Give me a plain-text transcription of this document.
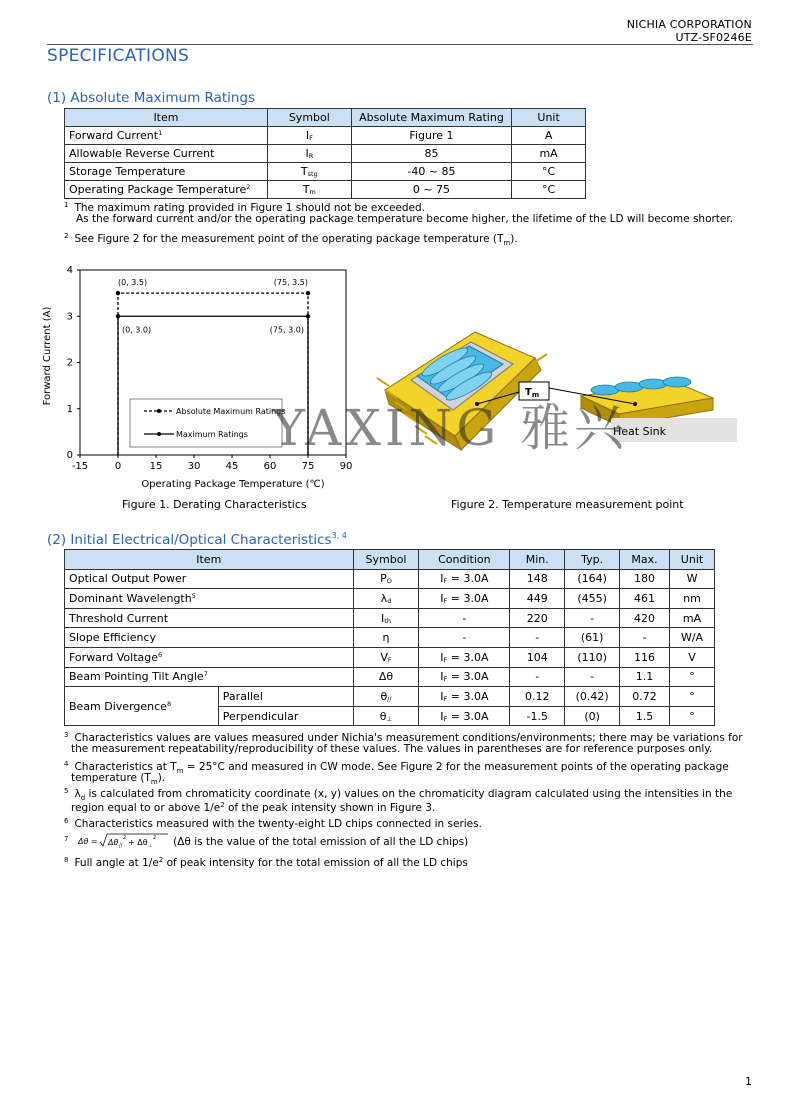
NICHIA CORPORATION
UTZ-SF0246E
SPECIFICATIONS
(1) Absolute Maximum Ratings
Item	Symbol	Absolute Maximum Rating	Unit
Forward Current$^1$	$I_F$	Figure 1	A
Allowable Reverse Current	$I_R$	85	mA
Storage Temperature	$T_{stg}$	-40 ~ 85	°C
Operating Package Temperature$^2$	$T_m$	0 ~ 75	°C
$^1$ The maximum rating provided in Figure 1 should not be exceeded.
As the forward current and/or the operating package temperature become higher, the lifetime of the LD will become shorter.
$^2$ See Figure 2 for the measurement point of the operating package temperature $(T_m)$.
(0, 3.5)	(75, 3.5)
(0, 3.0)	(75, 3.0)
-15	0	15	30	45	60	75	90
0
1
2
3
4
Operating Package Temperature (℃)
Forward Current (A)
Absolute Maximum Ratings
Maximum Ratings
Figure 1. Derating Characteristics
Heat Sink
$T_m$
Figure 2. Temperature measurement point
YAXING 雅兴
(2) Initial Electrical/Optical Characteristics$^{3, 4}$
Item		Symbol	Condition	Min.	Typ.	Max.	Unit
Optical Output Power		$P_O$	$I_F = 3.0A$	148	(164)	180	W
Dominant Wavelength$^5$		$\lambda_d$	$I_F = 3.0A$	449	(455)	461	nm
Threshold Current		$I_{th}$	-	220	-	420	mA
Slope Efficiency		η	-	-	(61)	-	W/A
Forward Voltage$^6$		$V_F$	$I_F = 3.0A$	104	(110)	116	V
Beam Pointing Tilt Angle$^7$		Δθ	$I_F = 3.0A$	-	-	1.1	°
Beam Divergence$^8$	Parallel	$\theta_{//}$	$I_F = 3.0A$	0.12	(0.42)	0.72	°
	Perpendicular	$\theta_\perp$	$I_F = 3.0A$	-1.5	(0)	1.5	°
$^3$ Characteristics values are values measured under Nichia's measurement conditions/environments; there may be variations for
the measurement repeatability/reproducibility of these values. The values in parentheses are for reference purposes only.
$^4$ Characteristics at $T_m = 25^\circ C$ and measured in CW mode. See Figure 2 for the measurement points of the operating package
temperature $(T_m)$.
$^5$ $\lambda_d$ is calculated from chromaticity coordinate (x, y) values on the chromaticity diagram calculated using the intensities in the
region equal to or above $1/e^2$ of the peak intensity shown in Figure 3.
$^6$ Characteristics measured with the twenty-eight LD chips connected in series.
$^7$ Δθ = Δθ //
2 + Δθ ⊥
2 (Δθ is the value of the total emission of all the LD chips)
$^8$ Full angle at $1/e^2$ of peak intensity for the total emission of all the LD chips
1
